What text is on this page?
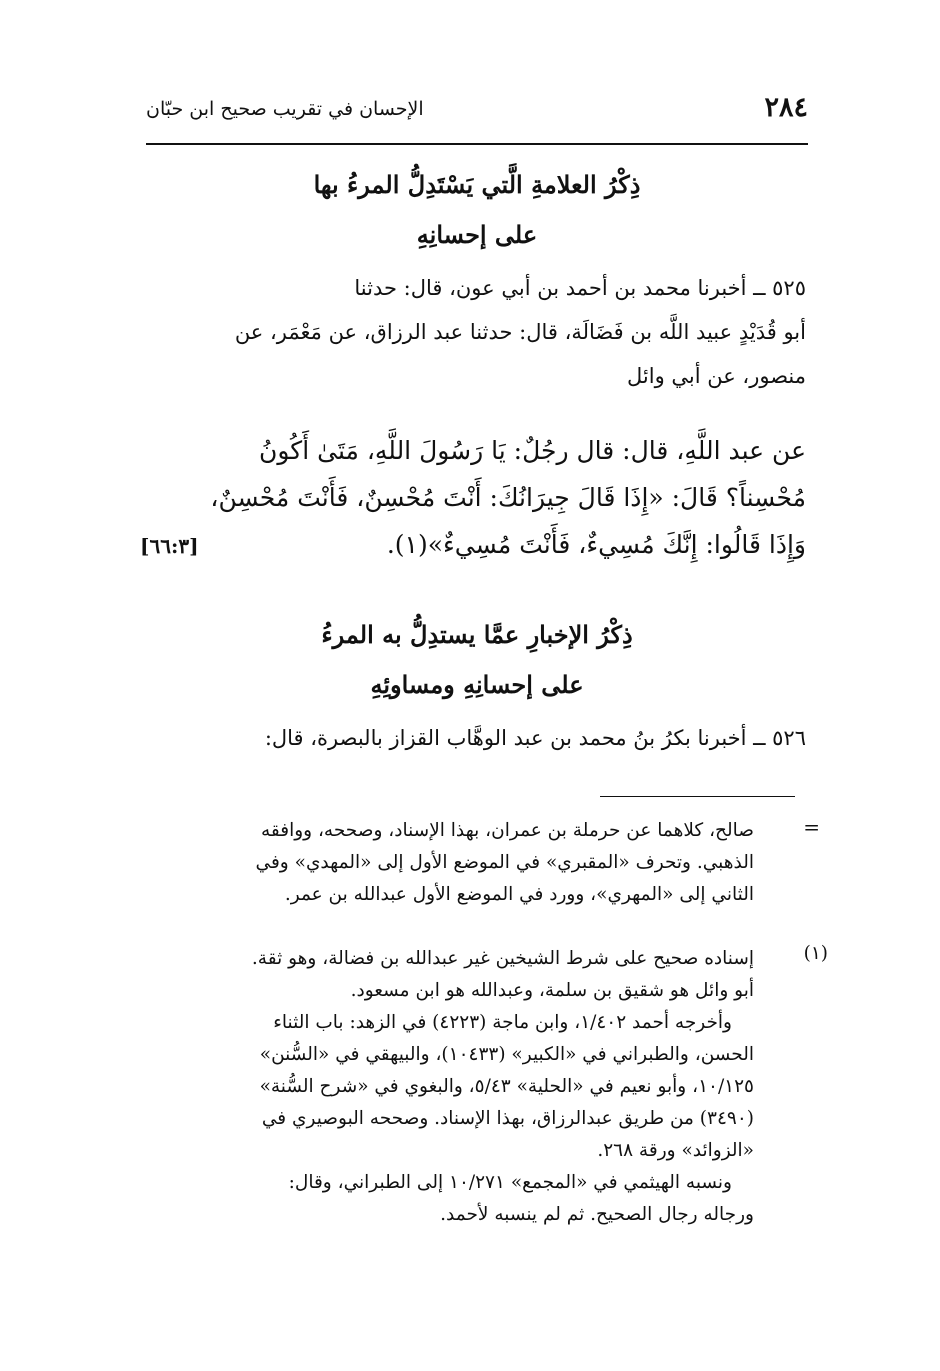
٢٨٤
الإحسان في تقريب صحيح ابن حبّان
ذِكْرُ العلامةِ الَّتي يَسْتَدِلُّ المرءُ بها
على إحسانِهِ
٥٢٥ ــ أخبرنا محمد بن أحمد بن أبي عون، قال: حدثنا
أبو قُدَيْدٍ عبيد اللَّه بن فَضَالَة، قال: حدثنا عبد الرزاق، عن مَعْمَر، عن
منصور، عن أبي وائل
عن عبد اللَّهِ، قال: قال رجُلٌ: يَا رَسُولَ اللَّهِ، مَتَىٰ أَكُونُ
مُحْسِناً؟ قَالَ: «إِذَا قَالَ جِيرَانُكَ: أَنْتَ مُحْسِنٌ، فَأَنْتَ مُحْسِنٌ،
[٦٦:٣]	وَإِذَا قَالُوا: إِنَّكَ مُسِيءٌ، فَأَنْتَ مُسِيءٌ»(١).
ذِكْرُ الإخبارِ عمَّا يستدِلُّ به المرءُ
على إحسانِهِ ومساوئِهِ
٥٢٦ ــ أخبرنا بكرُ بنُ محمد بن عبد الوهَّاب القزاز بالبصرة، قال:
=
صالح، كلاهما عن حرملة بن عمران، بهذا الإسناد، وصححه، ووافقه
الذهبي. وتحرف «المقبري» في الموضع الأول إلى «المهدي» وفي
الثاني إلى «المهري»، وورد في الموضع الأول عبدالله بن عمر.
(١)
إسناده صحيح على شرط الشيخين غير عبدالله بن فضالة، وهو ثقة.
أبو وائل هو شقيق بن سلمة، وعبدالله هو ابن مسعود.
وأخرجه أحمد ١/٤٠٢، وابن ماجة (٤٢٢٣) في الزهد: باب الثناء
الحسن، والطبراني في «الكبير» (١٠٤٣٣)، والبيهقي في «السُّنن»
١٠/١٢٥، وأبو نعيم في «الحلية» ٥/٤٣، والبغوي في «شرح السُّنة»
(٣٤٩٠) من طريق عبدالرزاق، بهذا الإسناد. وصححه البوصيري في
«الزوائد» ورقة ٢٦٨.
ونسبه الهيثمي في «المجمع» ١٠/٢٧١ إلى الطبراني، وقال:
ورجاله رجال الصحيح. ثم لم ينسبه لأحمد.
